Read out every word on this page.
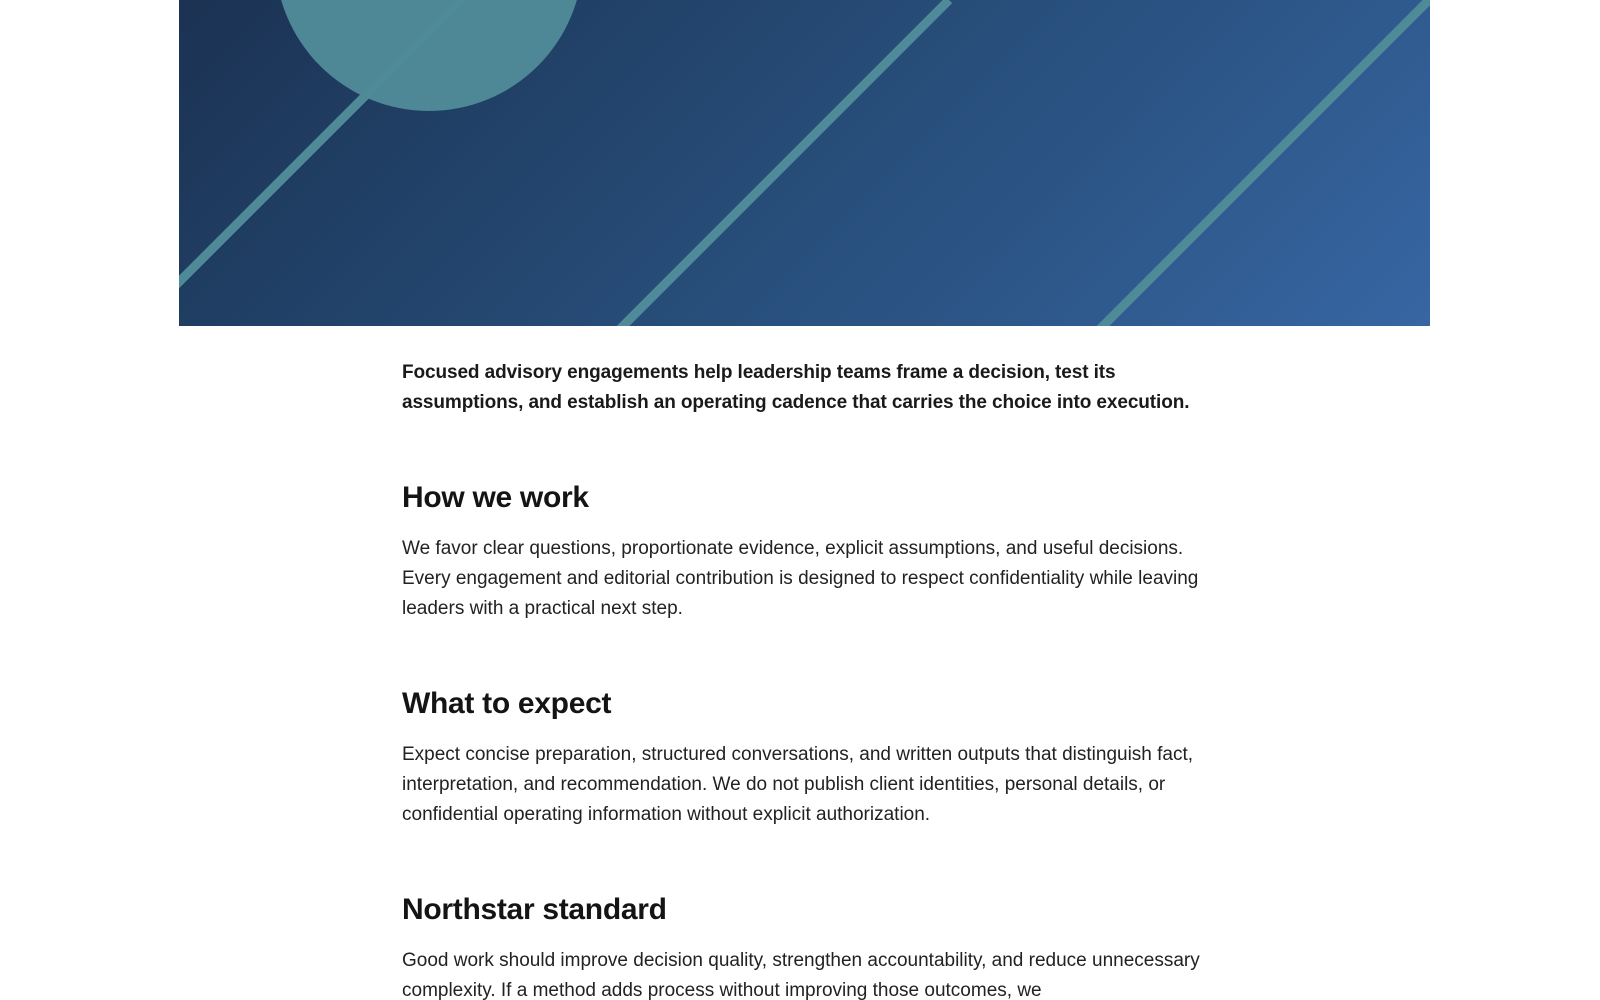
Focused advisory engagements help leadership teams frame a decision, test its assumptions, and establish an operating cadence that carries the choice into execution.

How we work

We favor clear questions, proportionate evidence, explicit assumptions, and useful decisions. Every engagement and editorial contribution is designed to respect confidentiality while leaving leaders with a practical next step.

What to expect

Expect concise preparation, structured conversations, and written outputs that distinguish fact, interpretation, and recommendation. We do not publish client identities, personal details, or confidential operating information without explicit authorization.

Northstar standard

Good work should improve decision quality, strengthen accountability, and reduce unnecessary complexity. If a method adds process without improving those outcomes, we
